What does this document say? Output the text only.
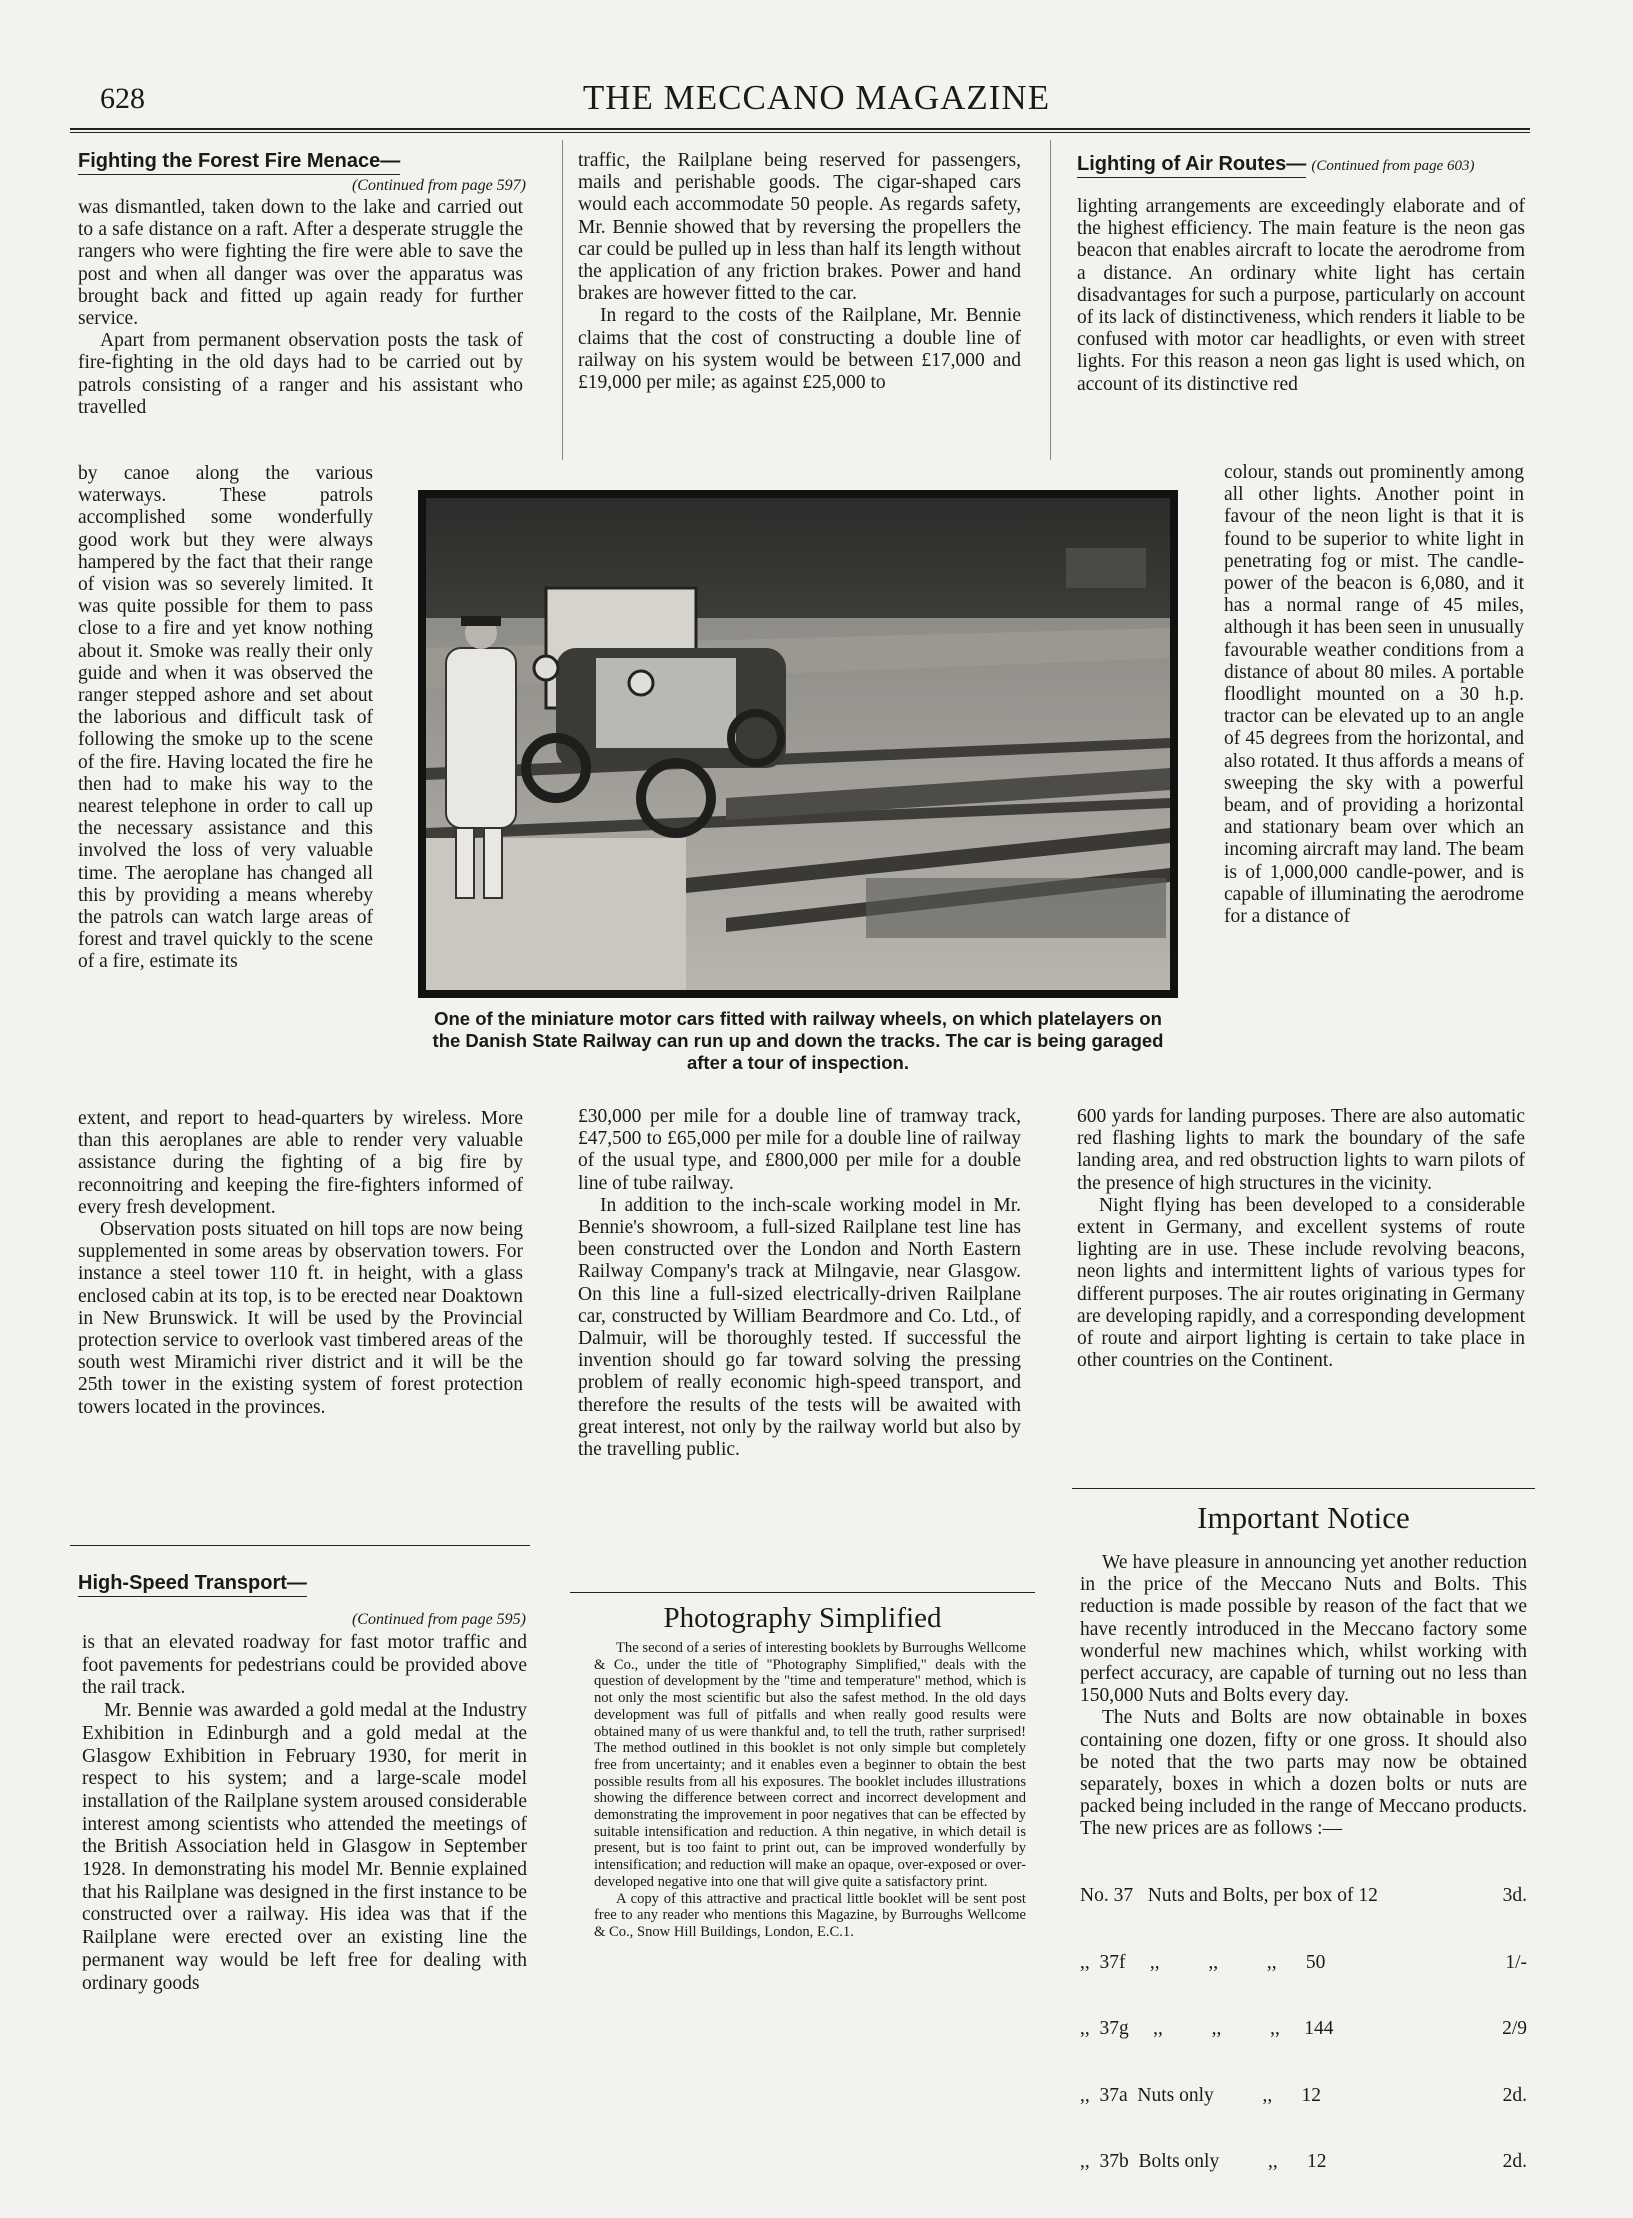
628	THE MECCANO MAGAZINE
Fighting the Forest Fire Menace—
(Continued from page 597)

was dismantled, taken down to the lake and carried out to a safe distance on a raft. After a desperate struggle the rangers who were fighting the fire were able to save the post and when all danger was over the apparatus was brought back and fitted up again ready for further service.

Apart from permanent observation posts the task of fire-fighting in the old days had to be carried out by patrols consisting of a ranger and his assistant who travelled

by canoe along the various waterways. These patrols accomplished some wonderfully good work but they were always hampered by the fact that their range of vision was so severely limited. It was quite possible for them to pass close to a fire and yet know nothing about it. Smoke was really their only guide and when it was observed the ranger stepped ashore and set about the laborious and difficult task of following the smoke up to the scene of the fire. Having located the fire he then had to make his way to the nearest telephone in order to call up the necessary assistance and this involved the loss of very valuable time. The aeroplane has changed all this by providing a means whereby the patrols can watch large areas of forest and travel quickly to the scene of a fire, estimate its

extent, and report to head-quarters by wireless. More than this aeroplanes are able to render very valuable assistance during the fighting of a big fire by reconnoitring and keeping the fire-fighters informed of every fresh development.

Observation posts situated on hill tops are now being supplemented in some areas by observation towers. For instance a steel tower 110 ft. in height, with a glass enclosed cabin at its top, is to be erected near Doaktown in New Brunswick. It will be used by the Provincial protection service to overlook vast timbered areas of the south west Miramichi river district and it will be the 25th tower in the existing system of forest protection towers located in the provinces.

High-Speed Transport—
(Continued from page 595)

is that an elevated roadway for fast motor traffic and foot pavements for pedestrians could be provided above the rail track.

Mr. Bennie was awarded a gold medal at the Industry Exhibition in Edinburgh and a gold medal at the Glasgow Exhibition in February 1930, for merit in respect to his system; and a large-scale model installation of the Railplane system aroused considerable interest among scientists who attended the meetings of the British Association held in Glasgow in September 1928. In demonstrating his model Mr. Bennie explained that his Railplane was designed in the first instance to be constructed over a railway. His idea was that if the Railplane were erected over an existing line the permanent way would be left free for dealing with ordinary goods

traffic, the Railplane being reserved for passengers, mails and perishable goods. The cigar-shaped cars would each accommodate 50 people. As regards safety, Mr. Bennie showed that by reversing the propellers the car could be pulled up in less than half its length without the application of any friction brakes. Power and hand brakes are however fitted to the car.

In regard to the costs of the Railplane, Mr. Bennie claims that the cost of constructing a double line of railway on his system would be between £17,000 and £19,000 per mile; as against £25,000 to

£30,000 per mile for a double line of tramway track, £47,500 to £65,000 per mile for a double line of railway of the usual type, and £800,000 per mile for a double line of tube railway.

In addition to the inch-scale working model in Mr. Bennie's showroom, a full-sized Railplane test line has been constructed over the London and North Eastern Railway Company's track at Milngavie, near Glasgow. On this line a full-sized electrically-driven Railplane car, constructed by William Beardmore and Co. Ltd., of Dalmuir, will be thoroughly tested. If successful the invention should go far toward solving the pressing problem of really economic high-speed transport, and therefore the results of the tests will be awaited with great interest, not only by the railway world but also by the travelling public.

Photography Simplified

The second of a series of interesting booklets by Burroughs Wellcome & Co., under the title of "Photography Simplified," deals with the question of development by the "time and temperature" method, which is not only the most scientific but also the safest method. In the old days development was full of pitfalls and when really good results were obtained many of us were thankful and, to tell the truth, rather surprised! The method outlined in this booklet is not only simple but completely free from uncertainty; and it enables even a beginner to obtain the best possible results from all his exposures. The booklet includes illustrations showing the difference between correct and incorrect development and demonstrating the improvement in poor negatives that can be effected by suitable intensification and reduction. A thin negative, in which detail is present, but is too faint to print out, can be improved wonderfully by intensification; and reduction will make an opaque, over-exposed or over-developed negative into one that will give quite a satisfactory print.

A copy of this attractive and practical little booklet will be sent post free to any reader who mentions this Magazine, by Burroughs Wellcome & Co., Snow Hill Buildings, London, E.C.1.

Lighting of Air Routes— (Continued from page 603)

lighting arrangements are exceedingly elaborate and of the highest efficiency. The main feature is the neon gas beacon that enables aircraft to locate the aerodrome from a distance. An ordinary white light has certain disadvantages for such a purpose, particularly on account of its lack of distinctiveness, which renders it liable to be confused with motor car headlights, or even with street lights. For this reason a neon gas light is used which, on account of its distinctive red

colour, stands out prominently among all other lights. Another point in favour of the neon light is that it is found to be superior to white light in penetrating fog or mist. The candle-power of the beacon is 6,080, and it has a normal range of 45 miles, although it has been seen in unusually favourable weather conditions from a distance of about 80 miles. A portable floodlight mounted on a 30 h.p. tractor can be elevated up to an angle of 45 degrees from the horizontal, and also rotated. It thus affords a means of sweeping the sky with a powerful beam, and of providing a horizontal and stationary beam over which an incoming aircraft may land. The beam is of 1,000,000 candle-power, and is capable of illuminating the aerodrome for a distance of

600 yards for landing purposes. There are also automatic red flashing lights to mark the boundary of the safe landing area, and red obstruction lights to warn pilots of the presence of high structures in the vicinity.

Night flying has been developed to a considerable extent in Germany, and excellent systems of route lighting are in use. These include revolving beacons, neon lights and intermittent lights of various types for different purposes. The air routes originating in Germany are developing rapidly, and a corresponding development of route and airport lighting is certain to take place in other countries on the Continent.

Important Notice

We have pleasure in announcing yet another reduction in the price of the Meccano Nuts and Bolts. This reduction is made possible by reason of the fact that we have recently introduced in the Meccano factory some wonderful new machines which, whilst working with perfect accuracy, are capable of turning out no less than 150,000 Nuts and Bolts every day.

The Nuts and Bolts are now obtainable in boxes containing one dozen, fifty or one gross. It should also be noted that the two parts may now be obtained separately, boxes in which a dozen bolts or nuts are packed being included in the range of Meccano products. The new prices are as follows :—

No. 37   Nuts and Bolts, per box of 12	3d.

,,  37f     ,,          ,,          ,,      50	1/-

,,  37g     ,,          ,,          ,,     144	2/9

,,  37a  Nuts only          ,,      12	2d.

,,  37b  Bolts only          ,,      12	2d.

One of the miniature motor cars fitted with railway wheels, on which platelayers on the Danish State Railway can run up and down the tracks. The car is being garaged after a tour of inspection.
